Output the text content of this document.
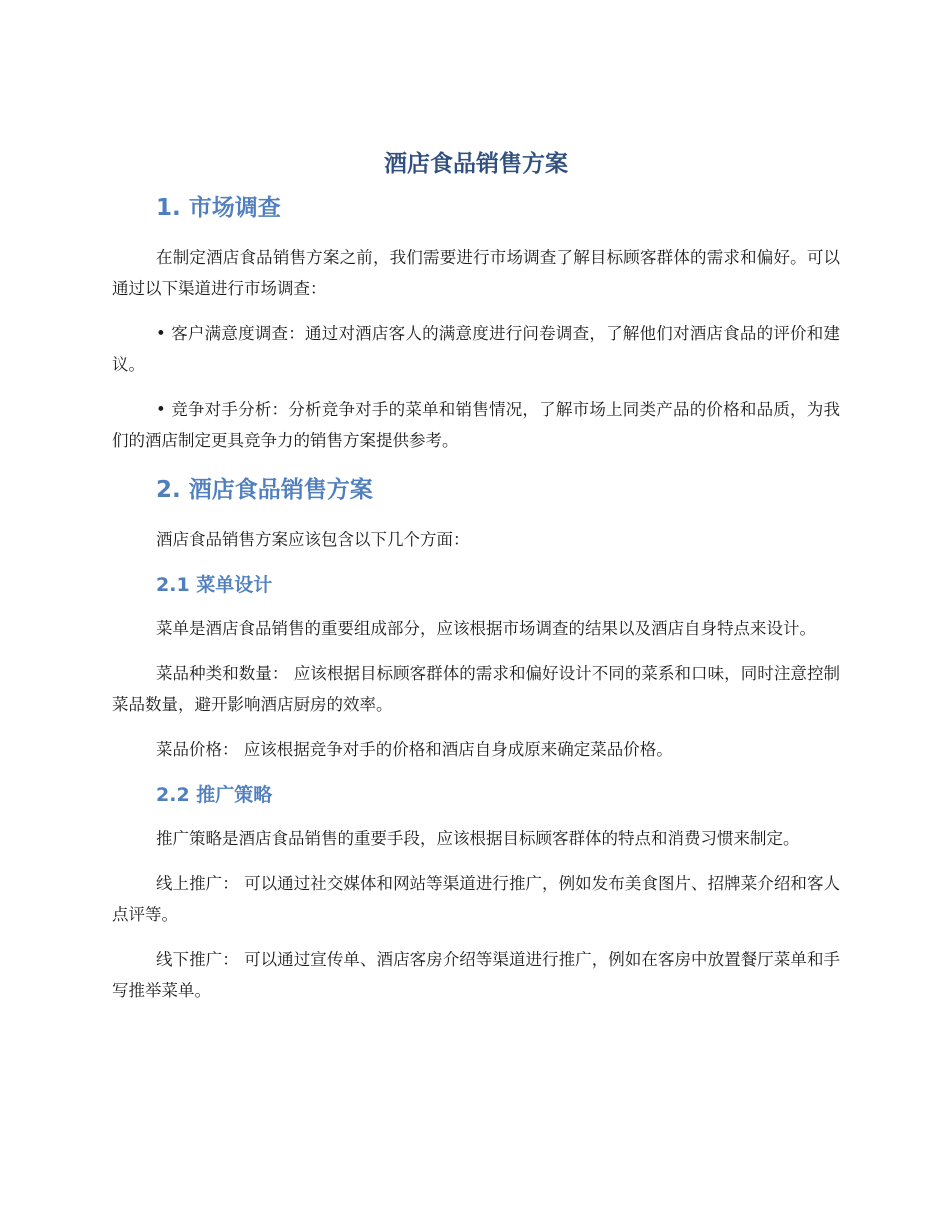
酒店食品销售方案
1. 市场调查

在制定酒店食品销售方案之前，我们需要进行市场调查了解目标顾客群体的需求和偏好。可以通过以下渠道进行市场调查：

• 客户满意度调查：通过对酒店客人的满意度进行问卷调查，了解他们对酒店食品的评价和建议。

• 竞争对手分析：分析竞争对手的菜单和销售情况，了解市场上同类产品的价格和品质，为我们的酒店制定更具竞争力的销售方案提供参考。

2. 酒店食品销售方案

酒店食品销售方案应该包含以下几个方面：

2.1 菜单设计

菜单是酒店食品销售的重要组成部分，应该根据市场调查的结果以及酒店自身特点来设计。

菜品种类和数量： 应该根据目标顾客群体的需求和偏好设计不同的菜系和口味，同时注意控制菜品数量，避开影响酒店厨房的效率。

菜品价格： 应该根据竞争对手的价格和酒店自身成原来确定菜品价格。

2.2 推广策略

推广策略是酒店食品销售的重要手段，应该根据目标顾客群体的特点和消费习惯来制定。

线上推广： 可以通过社交媒体和网站等渠道进行推广，例如发布美食图片、招牌菜介绍和客人点评等。

线下推广： 可以通过宣传单、酒店客房介绍等渠道进行推广，例如在客房中放置餐厅菜单和手写推举菜单。
